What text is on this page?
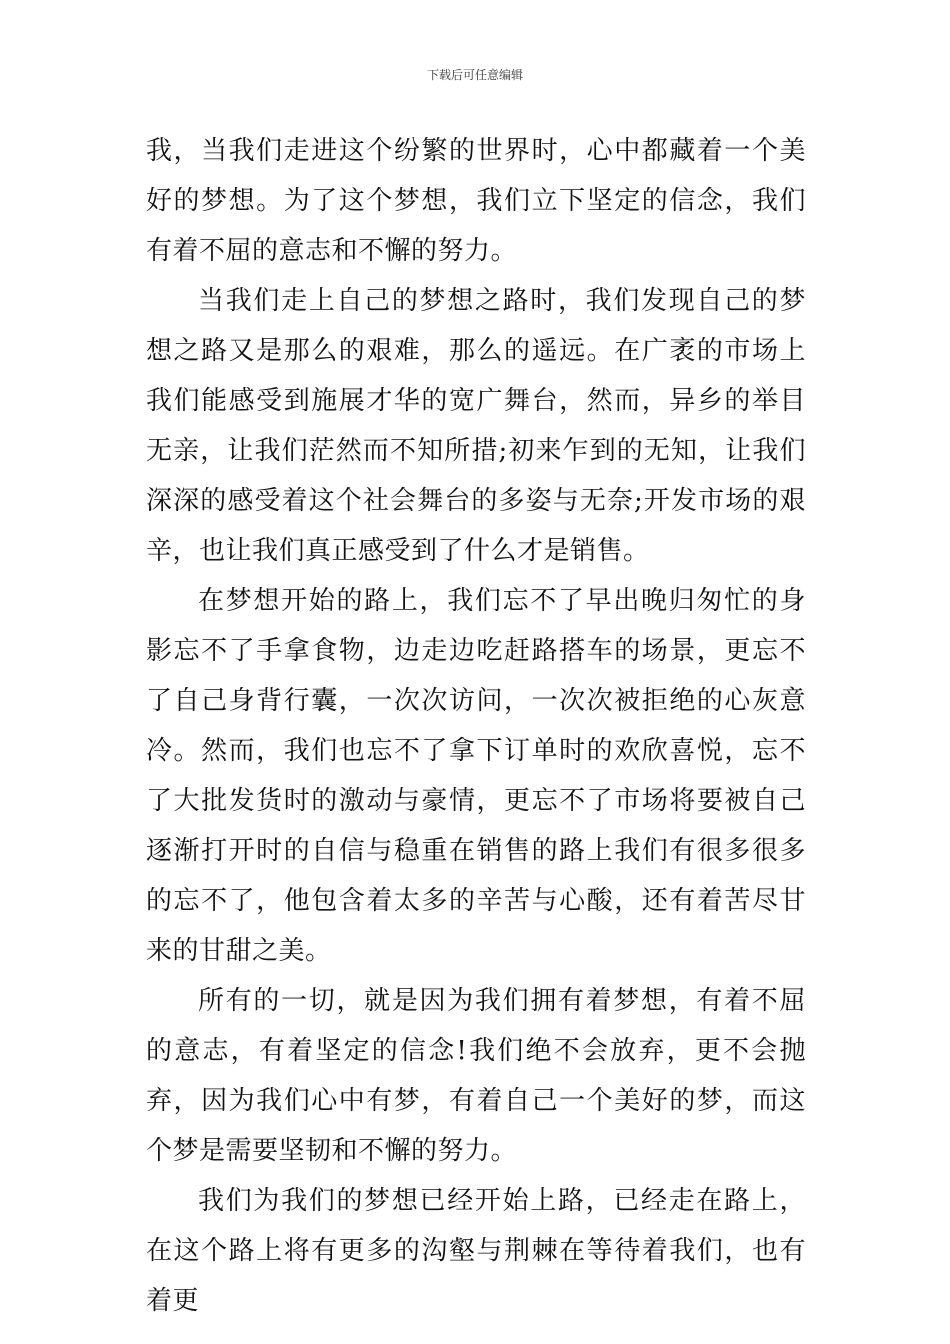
下载后可任意编辑

我，当我们走进这个纷繁的世界时，心中都藏着一个美好的梦想。为了这个梦想，我们立下坚定的信念，我们有着不屈的意志和不懈的努力。

当我们走上自己的梦想之路时，我们发现自己的梦想之路又是那么的艰难，那么的遥远。在广袤的市场上我们能感受到施展才华的宽广舞台，然而，异乡的举目无亲，让我们茫然而不知所措;初来乍到的无知，让我们深深的感受着这个社会舞台的多姿与无奈;开发市场的艰辛，也让我们真正感受到了什么才是销售。

在梦想开始的路上，我们忘不了早出晚归匆忙的身影忘不了手拿食物，边走边吃赶路搭车的场景，更忘不了自己身背行囊，一次次访问，一次次被拒绝的心灰意冷。然而，我们也忘不了拿下订单时的欢欣喜悦，忘不了大批发货时的激动与豪情，更忘不了市场将要被自己逐渐打开时的自信与稳重在销售的路上我们有很多很多的忘不了，他包含着太多的辛苦与心酸，还有着苦尽甘来的甘甜之美。

所有的一切，就是因为我们拥有着梦想，有着不屈的意志，有着坚定的信念!我们绝不会放弃，更不会抛弃，因为我们心中有梦，有着自己一个美好的梦，而这个梦是需要坚韧和不懈的努力。

我们为我们的梦想已经开始上路，已经走在路上，在这个路上将有更多的沟壑与荆棘在等待着我们，也有着更
